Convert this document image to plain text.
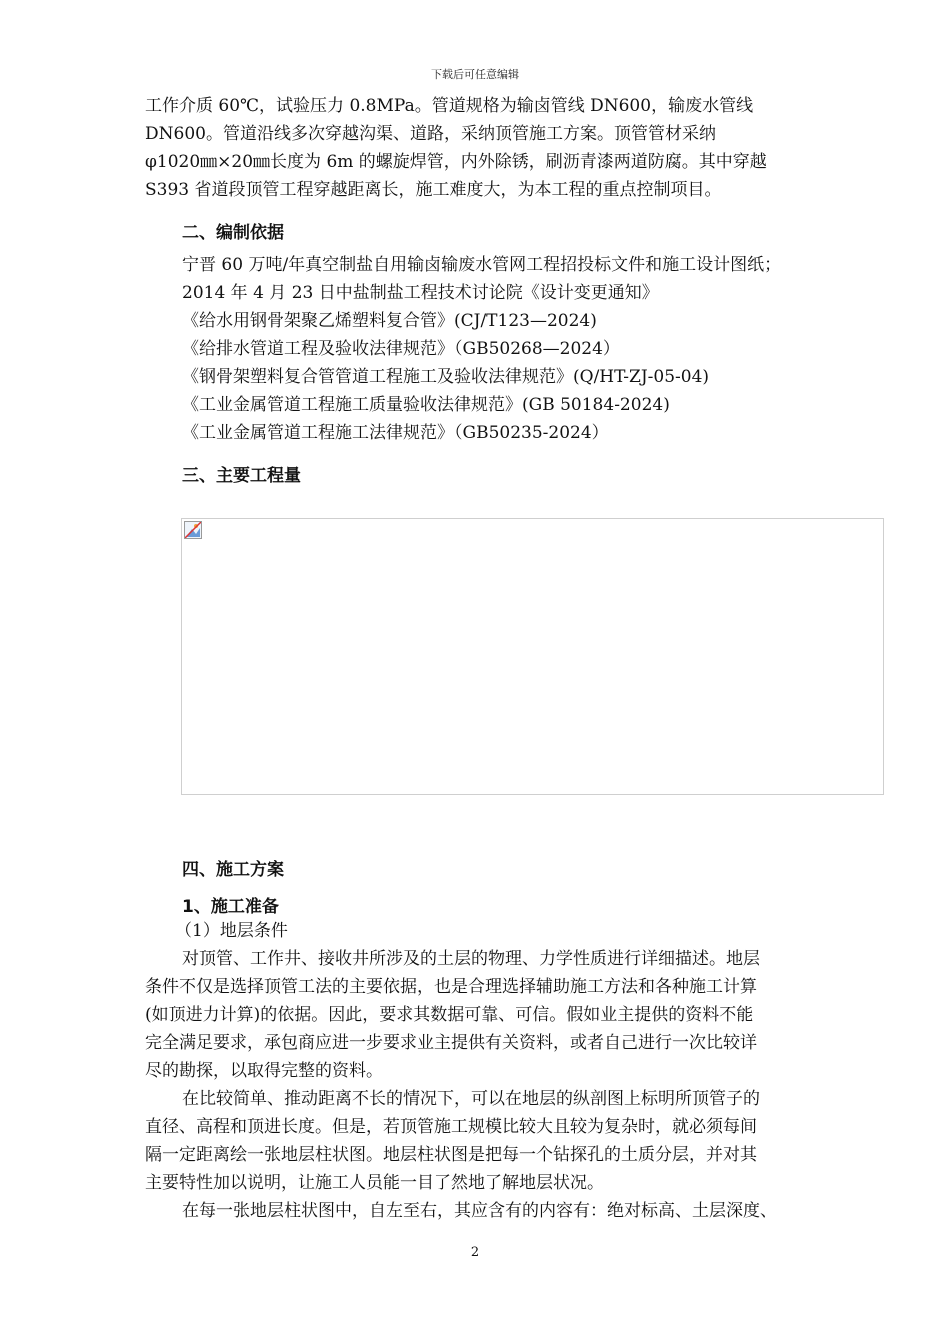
下载后可任意编辑

工作介质 60℃，试验压力 0.8MPa。管道规格为输卤管线 DN600，输废水管线

DN600。管道沿线多次穿越沟渠、道路，采纳顶管施工方案。顶管管材采纳

φ1020㎜×20㎜长度为 6m 的螺旋焊管，内外除锈，刷沥青漆两道防腐。其中穿越

S393 省道段顶管工程穿越距离长，施工难度大，为本工程的重点控制项目。

二、编制依据

宁晋 60 万吨/年真空制盐自用输卤输废水管网工程招投标文件和施工设计图纸；

2014 年 4 月 23 日中盐制盐工程技术讨论院《设计变更通知》

《给水用钢骨架聚乙烯塑料复合管》(CJ/T123—2024)

《给排水管道工程及验收法律规范》（GB50268—2024）

《钢骨架塑料复合管管道工程施工及验收法律规范》(Q/HT-ZJ-05-04)

《工业金属管道工程施工质量验收法律规范》(GB 50184-2024)

《工业金属管道工程施工法律规范》（GB50235-2024）

三、主要工程量

四、施工方案

1、施工准备

（1）地层条件

对顶管、工作井、接收井所涉及的土层的物理、力学性质进行详细描述。地层

条件不仅是选择顶管工法的主要依据，也是合理选择辅助施工方法和各种施工计算

(如顶进力计算)的依据。因此，要求其数据可靠、可信。假如业主提供的资料不能

完全满足要求，承包商应进一步要求业主提供有关资料，或者自己进行一次比较详

尽的勘探，以取得完整的资料。

在比较简单、推动距离不长的情况下，可以在地层的纵剖图上标明所顶管子的

直径、高程和顶进长度。但是，若顶管施工规模比较大且较为复杂时，就必须每间

隔一定距离绘一张地层柱状图。地层柱状图是把每一个钻探孔的土质分层，并对其

主要特性加以说明，让施工人员能一目了然地了解地层状况。

在每一张地层柱状图中，自左至右，其应含有的内容有：绝对标高、土层深度、

2
